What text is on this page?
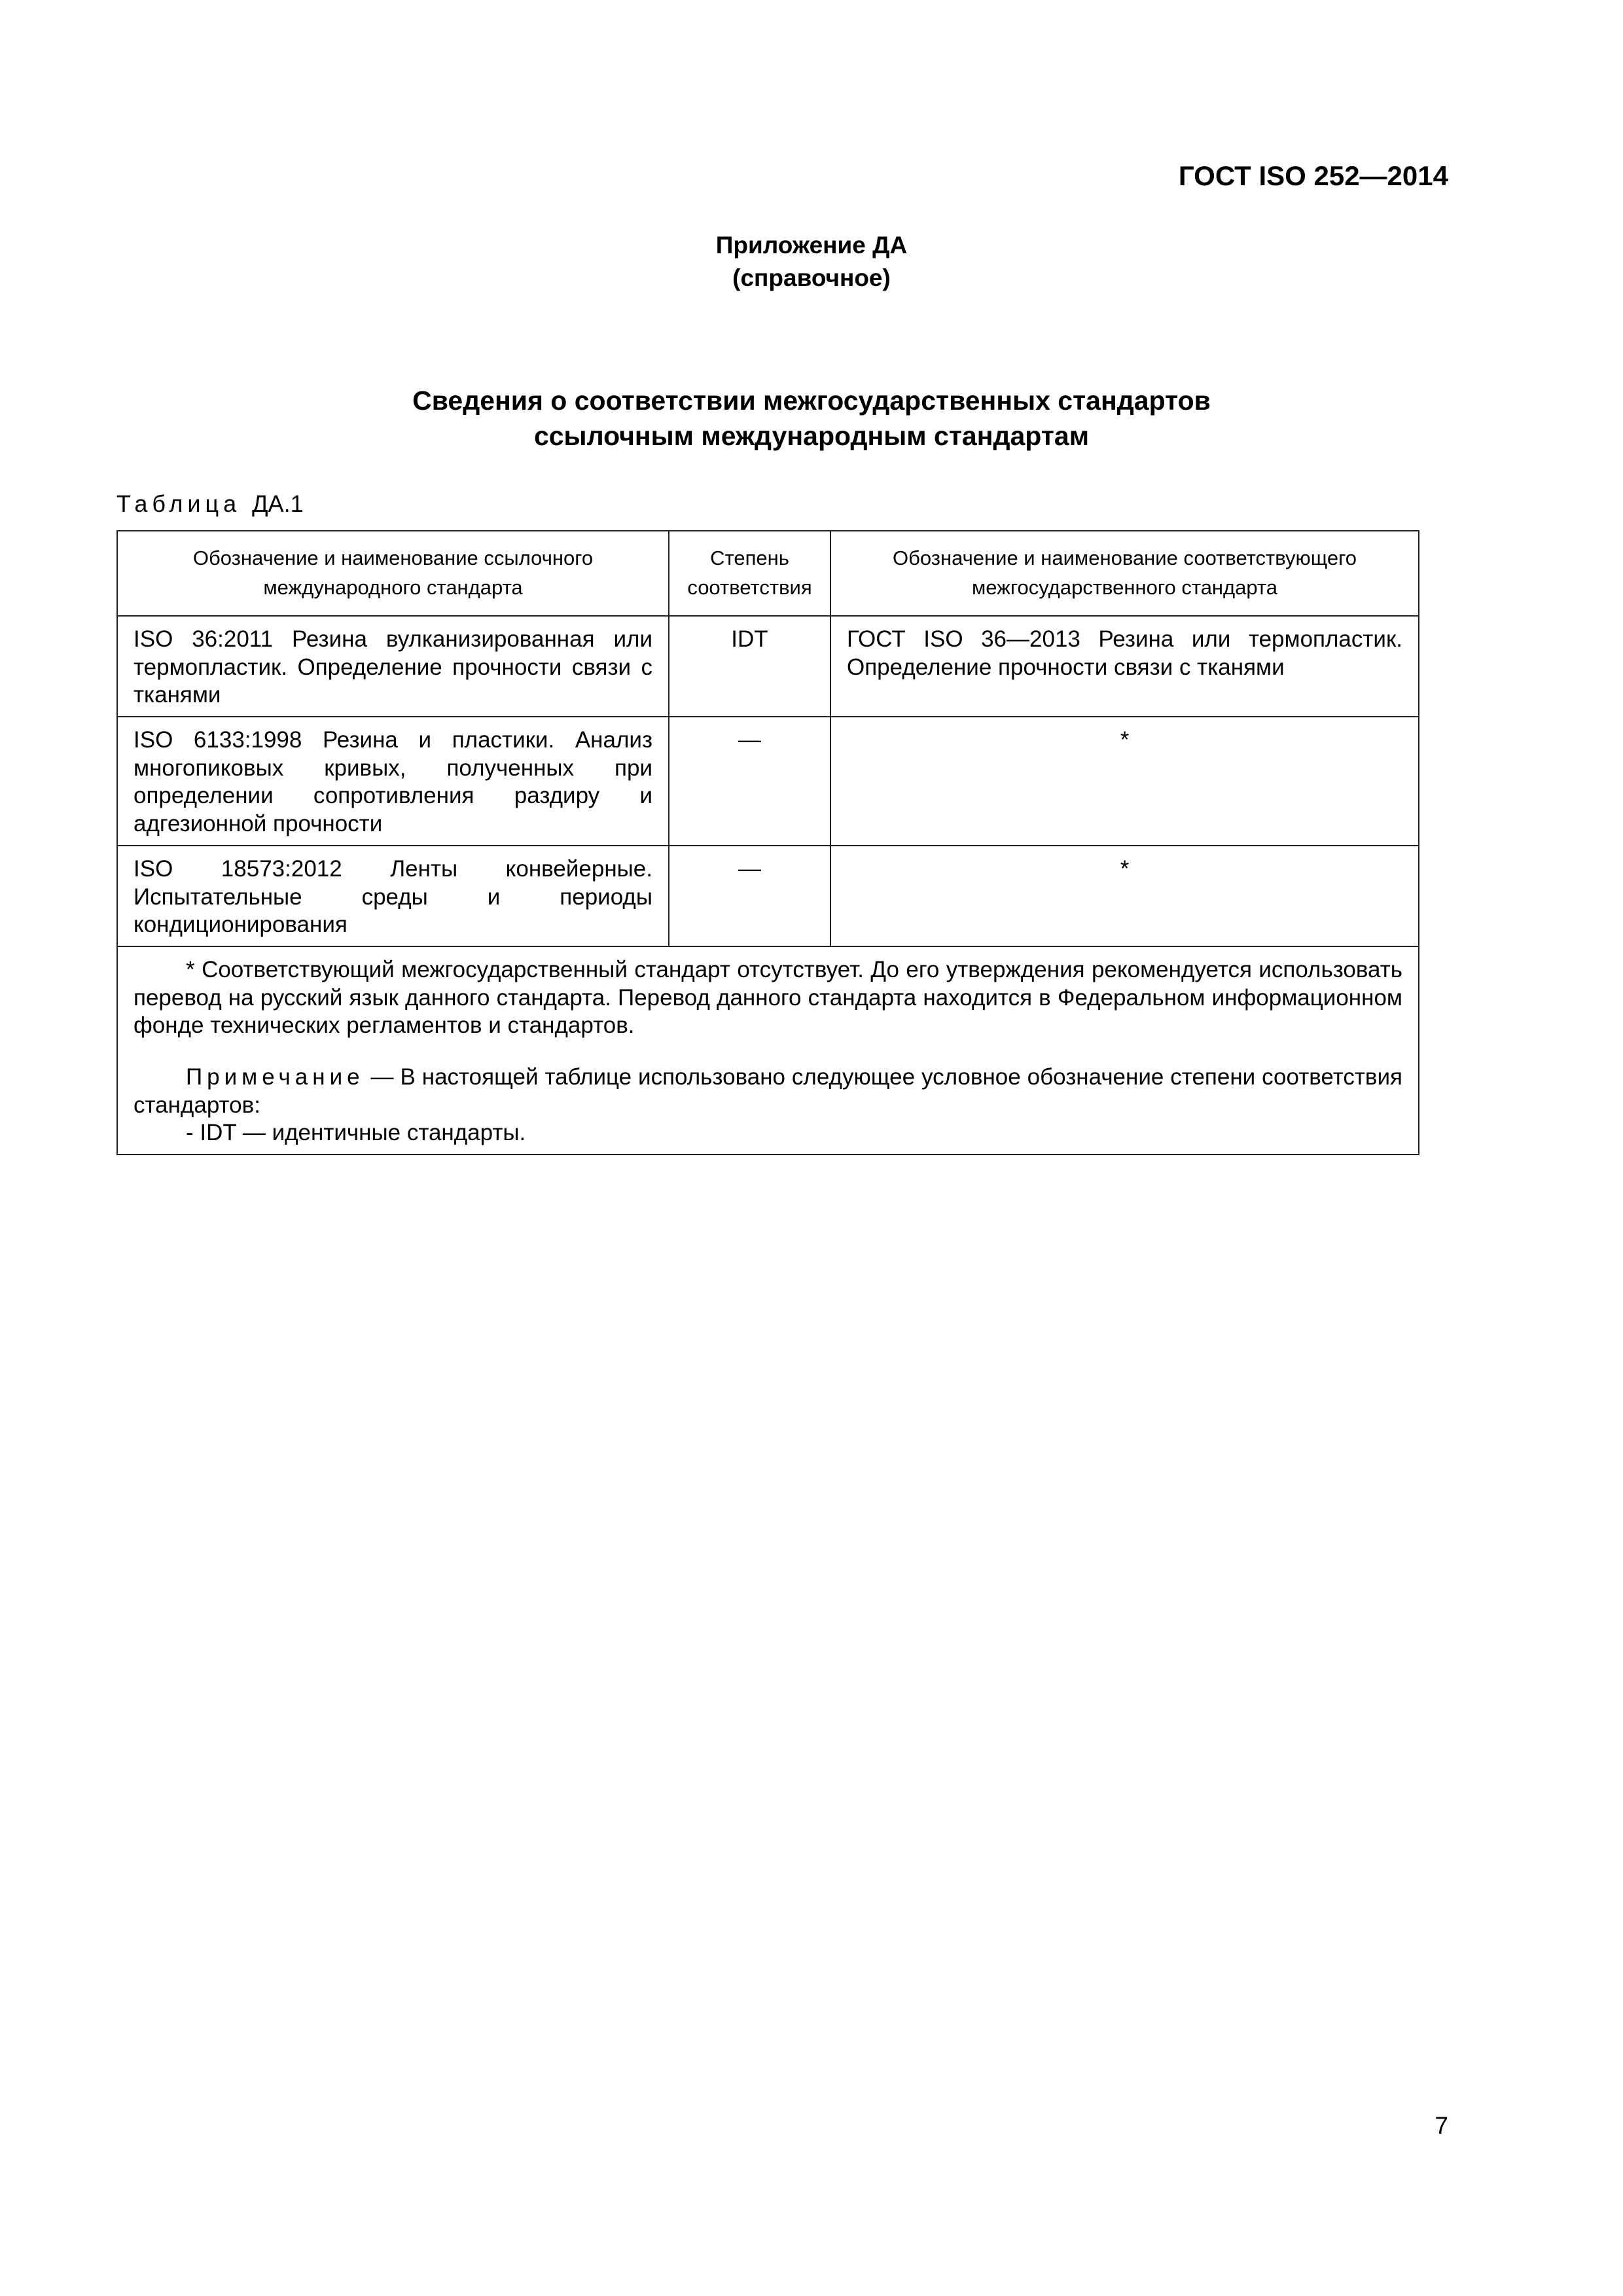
ГОСТ ISO 252—2014
Приложение ДА
(справочное)
Сведения о соответствии межгосударственных стандартов
ссылочным международным стандартам
Таблица ДА.1
Обозначение и наименование ссылочного международного стандарта	Степень соответствия	Обозначение и наименование соответствующего межгосударственного стандарта
ISO 36:2011 Резина вулканизированная или термопластик. Определение прочности связи с тканями	IDT	ГОСТ ISO 36—2013 Резина или термопластик. Определение прочности связи с тканями
ISO 6133:1998 Резина и пластики. Анализ многопиковых кривых, полученных при определении сопротивления раздиру и адгезионной прочности	—	*
ISO 18573:2012 Ленты конвейерные. Испытательные среды и периоды кондиционирования	—	*

* Соответствующий межгосударственный стандарт отсутствует. До его утверждения рекомендуется использовать перевод на русский язык данного стандарта. Перевод данного стандарта находится в Федеральном информационном фонде технических регламентов и стандартов.
Примечание — В настоящей таблице использовано следующее условное обозначение степени соответствия стандартов:
- IDT — идентичные стандарты.		
7
